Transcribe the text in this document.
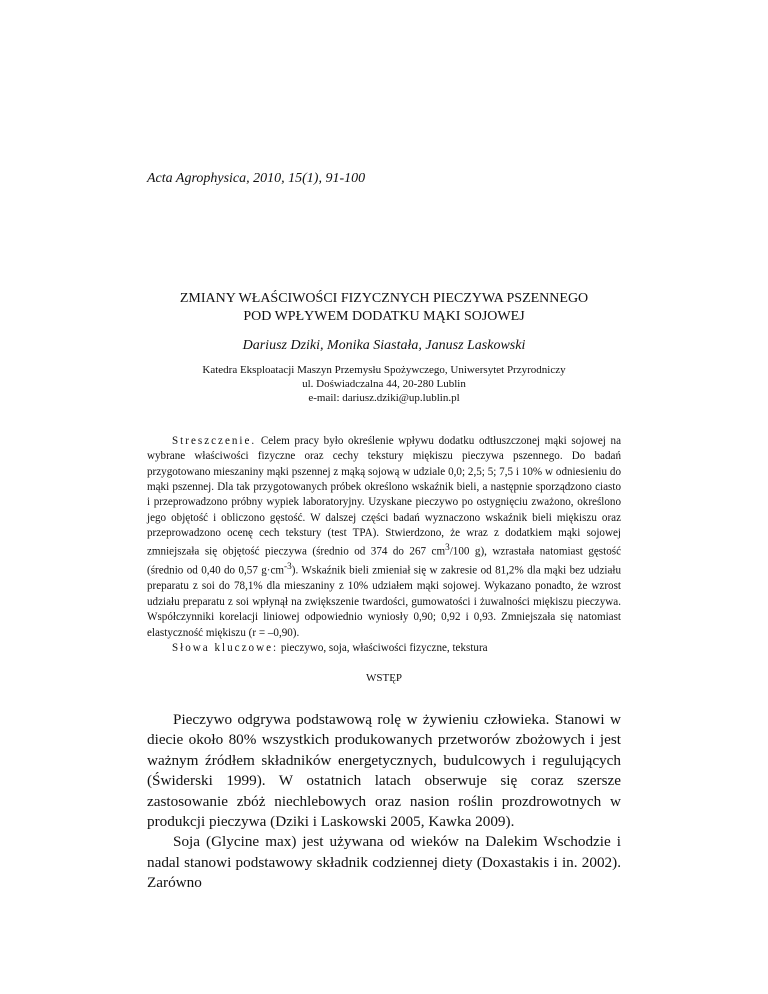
Acta Agrophysica, 2010, 15(1), 91-100
ZMIANY WŁAŚCIWOŚCI FIZYCZNYCH PIECZYWA PSZENNEGO
POD WPŁYWEM DODATKU MĄKI SOJOWEJ
Dariusz Dziki, Monika Siastała, Janusz Laskowski
Katedra Eksploatacji Maszyn Przemysłu Spożywczego, Uniwersytet Przyrodniczy
ul. Doświadczalna 44, 20-280 Lublin
e-mail: dariusz.dziki@up.lublin.pl

Streszczenie. Celem pracy było określenie wpływu dodatku odtłuszczonej mąki sojowej na wybrane właściwości fizyczne oraz cechy tekstury miękiszu pieczywa pszennego. Do badań przygotowano mieszaniny mąki pszennej z mąką sojową w udziale 0,0; 2,5; 5; 7,5 i 10% w odniesieniu do mąki pszennej. Dla tak przygotowanych próbek określono wskaźnik bieli, a następnie sporządzono ciasto i przeprowadzono próbny wypiek laboratoryjny. Uzyskane pieczywo po ostygnięciu zważono, określono jego objętość i obliczono gęstość. W dalszej części badań wyznaczono wskaźnik bieli miękiszu oraz przeprowadzono ocenę cech tekstury (test TPA). Stwierdzono, że wraz z dodatkiem mąki sojowej zmniejszała się objętość pieczywa (średnio od 374 do 267 $cm^3/100$ g), wzrastała natomiast gęstość (średnio od 0,40 do 0,57 $g\cdot cm^{-3}$). Wskaźnik bieli zmieniał się w zakresie od 81,2% dla mąki bez udziału preparatu z soi do 78,1% dla mieszaniny z 10% udziałem mąki sojowej. Wykazano ponadto, że wzrost udziału preparatu z soi wpłynął na zwiększenie twardości, gumowatości i żuwalności miękiszu pieczywa. Współczynniki korelacji liniowej odpowiednio wyniosły 0,90; 0,92 i 0,93. Zmniejszała się natomiast elastyczność miękiszu (r = –0,90).

Słowa kluczowe: pieczywo, soja, właściwości fizyczne, tekstura

WSTĘP

Pieczywo odgrywa podstawową rolę w żywieniu człowieka. Stanowi w diecie około 80% wszystkich produkowanych przetworów zbożowych i jest ważnym źródłem składników energetycznych, budulcowych i regulujących (Świderski 1999). W ostatnich latach obserwuje się coraz szersze zastosowanie zbóż niechlebowych oraz nasion roślin prozdrowotnych w produkcji pieczywa (Dziki i Laskowski 2005, Kawka 2009).

Soja (Glycine max) jest używana od wieków na Dalekim Wschodzie i nadal stanowi podstawowy składnik codziennej diety (Doxastakis i in. 2002). Zarówno
